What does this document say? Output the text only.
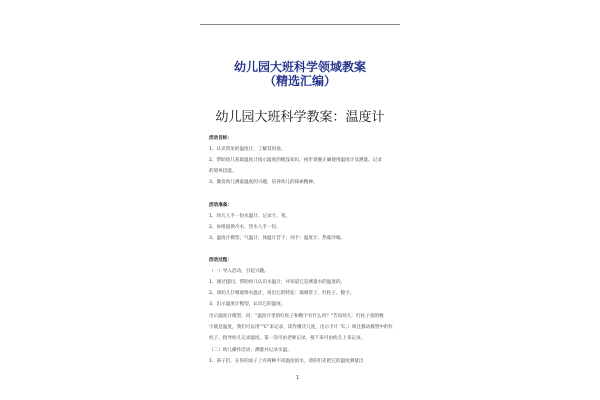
幼儿园大班科学领域教案
（精选汇编）
幼儿园大班科学教案：温度计
活动目标：
1、认识常见的温度计，了解其用途。
2、帮助幼儿获取温度计指示温度的粗浅知识，初步掌握正确使用温度计及测量、记录
的简单技能。
3、激发幼儿测量温度的兴趣，培养幼儿的探索精神。
活动准备：
1、幼儿人手一份水温计、记录卡、笔。
2、每组提供冷水、热水人手一份。
3、温度计模型、气温计、体温计若干；词卡：温度计、热胀冷缩。
活动过程：
（一）导入活动，引起兴趣。
1、通过提问，帮助幼儿认识水温计，并知道它是测量水的温度的。
2、请幼儿仔细观察水温计，说出它的特征：玻璃管子、红柱子、数字。
3、出示温度计模型，认识它的温度。
出示温度计模型，问：“温度计里的红柱子和数字有什么用？”告诉幼儿：红柱子指的数
字就是温度，我们可以用“℃”来记录，读作摄氏几度，出示卡片 ℃。）叫且移动模型中的红
柱子，指导幼儿记录温度。第一次可由老师记录，接下来可由幼儿上来记录。
（二）幼儿操作活动：测量并记录水温。
1、孩子们，在你的桌子上有两种不同温度的水，请你们先把它的温度测量出
1
